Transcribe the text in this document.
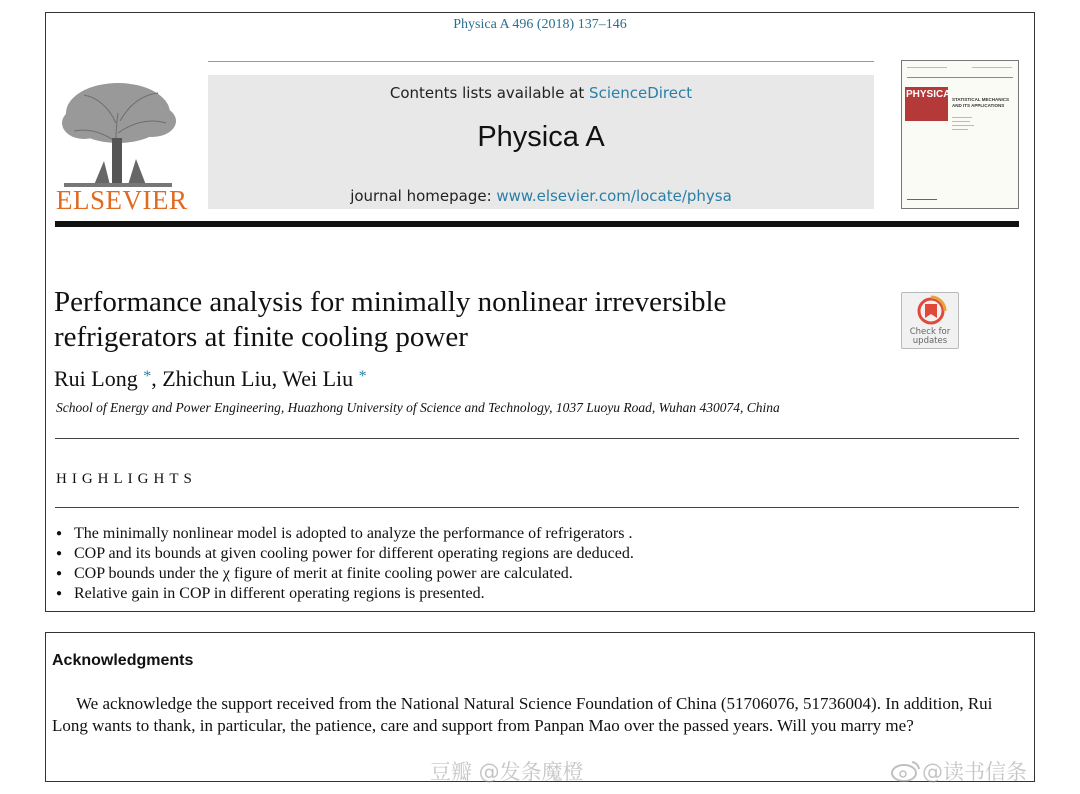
Physica A 496 (2018) 137–146
ELSEVIER
Contents lists available at ScienceDirect
Physica A
journal homepage: www.elsevier.com/locate/physa
PHYSICA STATISTICAL MECHANICS AND ITS APPLICATIONS
Performance analysis for minimally nonlinear irreversible
refrigerators at finite cooling power	Check for updates
Rui Long *, Zhichun Liu, Wei Liu *
School of Energy and Power Engineering, Huazhong University of Science and Technology, 1037 Luoyu Road, Wuhan 430074, China
HIGHLIGHTS
● The minimally nonlinear model is adopted to analyze the performance of refrigerators .
● COP and its bounds at given cooling power for different operating regions are deduced.
● COP bounds under the χ figure of merit at finite cooling power are calculated.
● Relative gain in COP in different operating regions is presented.
Acknowledgments
We acknowledge the support received from the National Natural Science Foundation of China (51706076, 51736004). In addition, Rui Long wants to thank, in particular, the patience, care and support from Panpan Mao over the passed years. Will you marry me?
豆瓣 @发条魔橙	@读书信条
